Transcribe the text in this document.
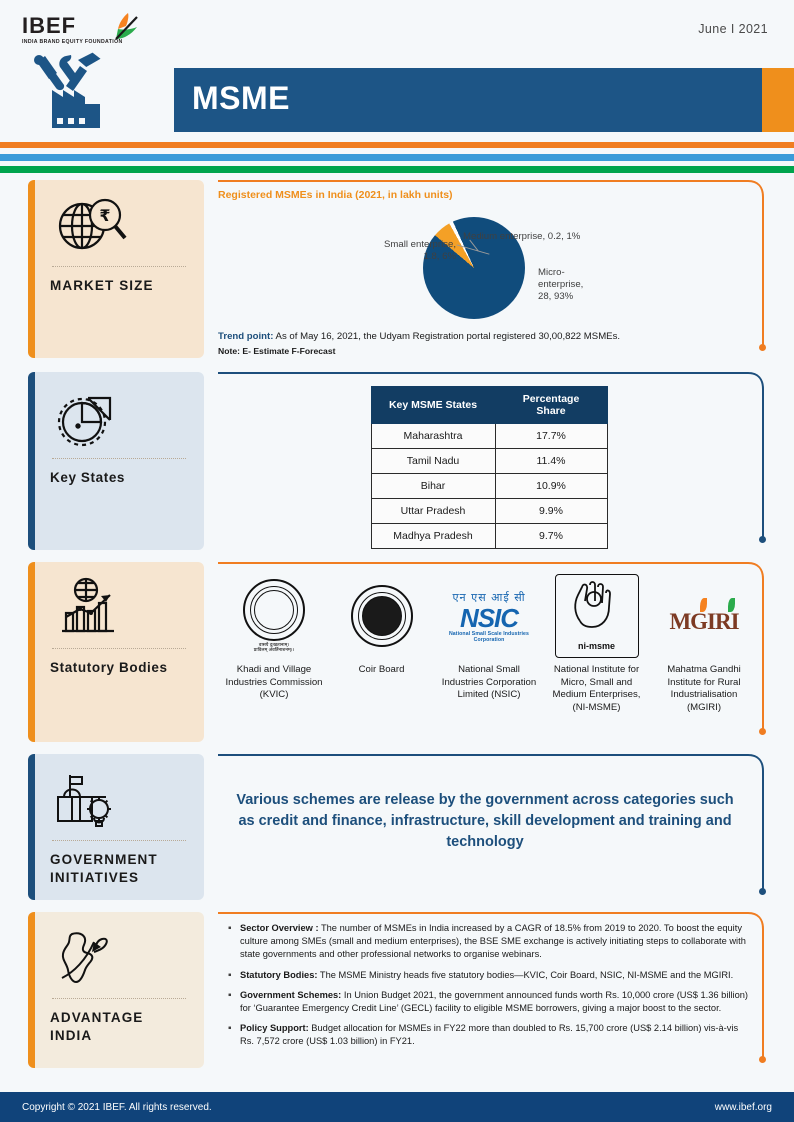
IBEF
INDIA BRAND EQUITY FOUNDATION
June I 2021
MSME
₹
MARKET SIZE
Registered MSMEs in India (2021, in lakh units)
Small enterprise,
1.8, 6%
Medium enterprise, 0.2, 1%
Micro-
enterprise,
28, 93%
Trend point: As of May 16, 2021, the Udyam Registration portal registered 30,00,822 MSMEs.
Note: E- Estimate F-Forecast
Key States
Key MSME States	Percentage Share
Maharashtra	17.7%
Tamil Nadu	11.4%
Bihar	10.9%
Uttar Pradesh	9.9%
Madhya Pradesh	9.7%
Statutory Bodies
वासयै दुःखतानाम्‌।
प्राविलम्‌ अवर्तिनाशनम्‌।।
Khadi and Village Industries Commission (KVIC)
Coir Board
एन एस आई सी
NSIC
National Small Scale Industries Corporation
National Small Industries Corporation Limited (NSIC)
ni-msme
National Institute for Micro, Small and Medium Enterprises, (NI-MSME)

MGIRI
Mahatma Gandhi Institute for Rural Industrialisation (MGIRI)
GOVERNMENT INITIATIVES
Various schemes are release by the government across categories such as credit and finance, infrastructure, skill development and training and technology
ADVANTAGE INDIA
▪ Sector Overview : The number of MSMEs in India increased by a CAGR of 18.5% from 2019 to 2020. To boost the equity culture among SMEs (small and medium enterprises), the BSE SME exchange is actively initiating steps to collaborate with state governments and other professional networks to organise webinars.
▪ Statutory Bodies: The MSME Ministry heads five statutory bodies—KVIC, Coir Board, NSIC, NI-MSME and the MGIRI.
▪ Government Schemes: In Union Budget 2021, the government announced funds worth Rs. 10,000 crore (US$ 1.36 billion) for ‘Guarantee Emergency Credit Line’ (GECL) facility to eligible MSME borrowers, giving a major boost to the sector.
▪ Policy Support: Budget allocation for MSMEs in FY22 more than doubled to Rs. 15,700 crore (US$ 2.14 billion) vis-à-vis Rs. 7,572 crore (US$ 1.03 billion) in FY21.
Copyright © 2021 IBEF. All rights reserved.	www.ibef.org
